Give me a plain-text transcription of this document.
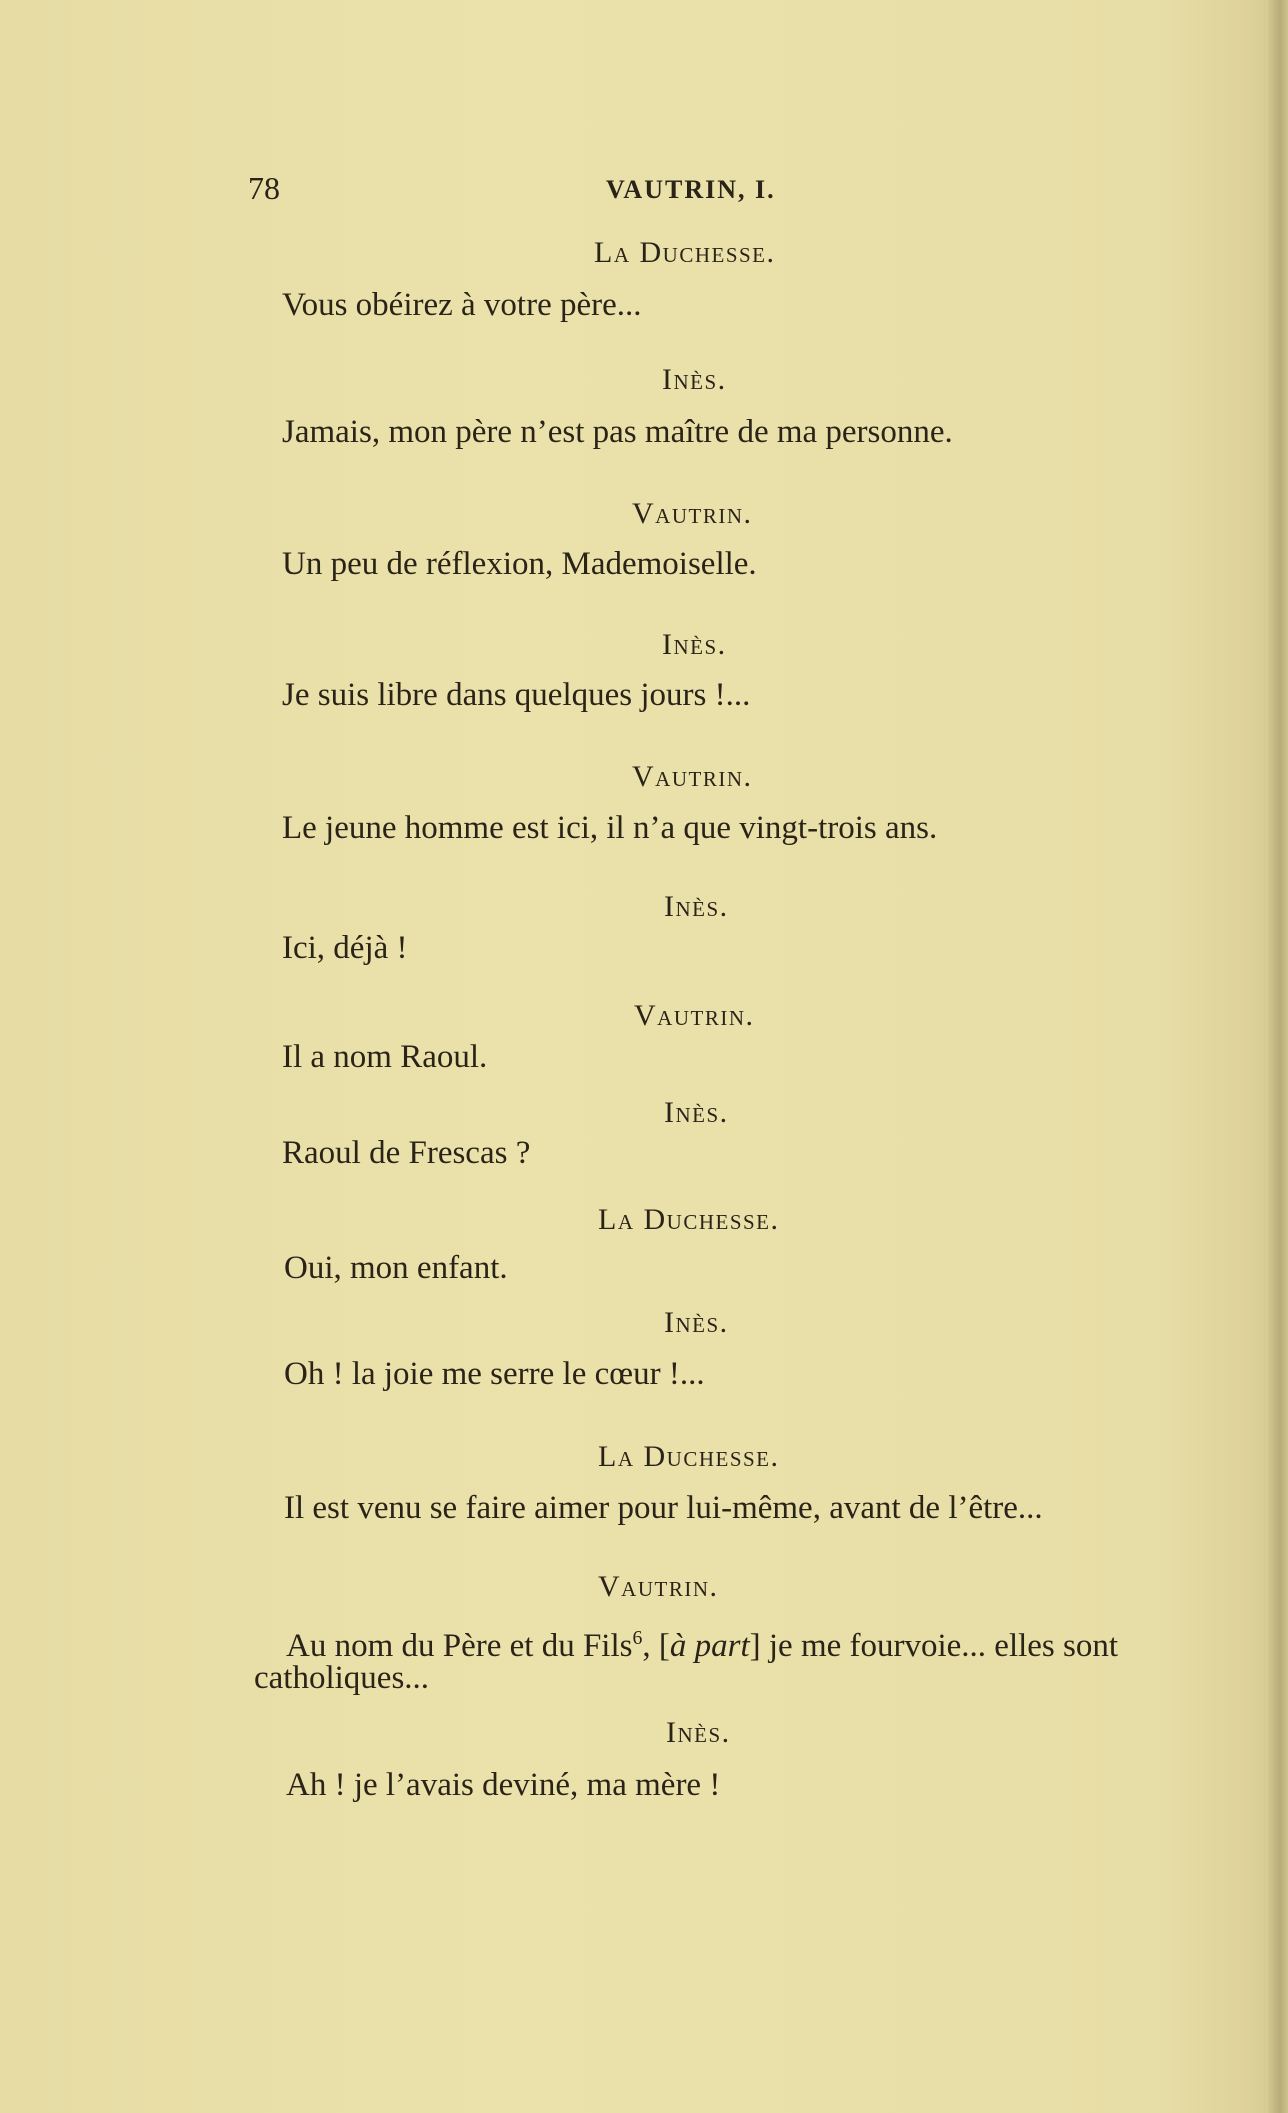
78	VAUTRIN, I.
La Duchesse.
Vous obéirez à votre père...
Inès.
Jamais, mon père n’est pas maître de ma personne.
Vautrin.
Un peu de réflexion, Mademoiselle.
Inès.
Je suis libre dans quelques jours !...
Vautrin.
Le jeune homme est ici, il n’a que vingt-trois ans.
Inès.
Ici, déjà !
Vautrin.
Il a nom Raoul.
Inès.
Raoul de Frescas ?
La Duchesse.
Oui, mon enfant.
Inès.
Oh ! la joie me serre le cœur !...
La Duchesse.
Il est venu se faire aimer pour lui-même, avant de l’être...
Vautrin.
Au nom du Père et du Fils$^6$, [à part] je me fourvoie... elles sont
catholiques...
Inès.
Ah ! je l’avais deviné, ma mère !
